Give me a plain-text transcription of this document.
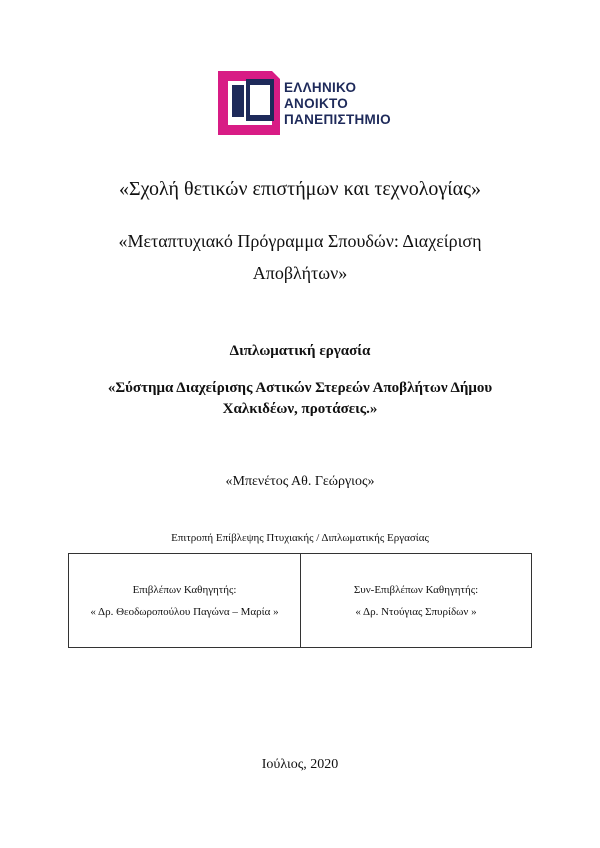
ΕΛΛΗΝΙΚΟ
ΑΝΟΙΚΤΟ
ΠΑΝΕΠΙΣΤΗΜΙΟ
«Σχολή θετικών επιστήμων και τεχνολογίας»
«Μεταπτυχιακό Πρόγραμμα Σπουδών: Διαχείριση
Αποβλήτων»
Διπλωματική εργασία
«Σύστημα Διαχείρισης Αστικών Στερεών Αποβλήτων Δήμου
Χαλκιδέων, προτάσεις.»
«Μπενέτος Αθ. Γεώργιος»
Επιτροπή Επίβλεψης Πτυχιακής / Διπλωματικής Εργασίας
Επιβλέπων Καθηγητής:
« Δρ. Θεοδωροπούλου Παγώνα – Μαρία »
Συν-Επιβλέπων Καθηγητής:
« Δρ. Ντούγιας Σπυρίδων »
Ιούλιος, 2020
